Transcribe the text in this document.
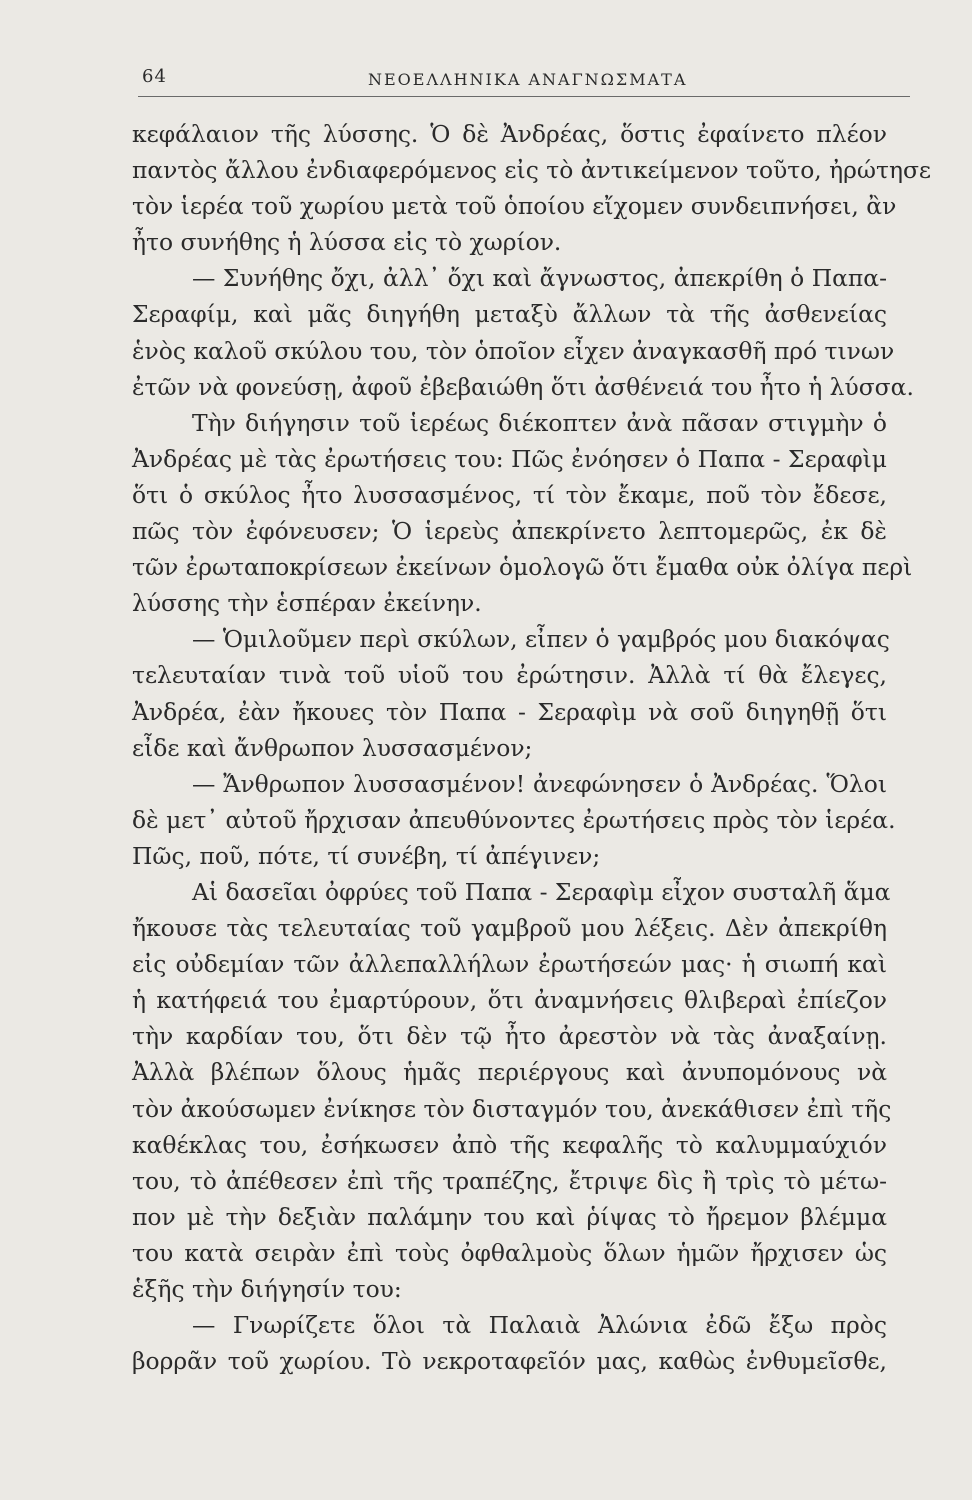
64	ΝΕΟΕΛΛΗΝΙΚΑ ΑΝΑΓΝΩΣΜΑΤΑ
κεφάλαιον τῆς λύσσης. Ὁ δὲ Ἀνδρέας, ὅστις ἐφαίνετο πλέον
παντὸς ἄλλου ἐνδιαφερόμενος εἰς τὸ ἀντικείμενον τοῦτο, ἠρώτησε
τὸν ἱερέα τοῦ χωρίου μετὰ τοῦ ὁποίου εἴχομεν συνδειπνήσει, ἂν
ἦτο συνήθης ἡ λύσσα εἰς τὸ χωρίον.
— Συνήθης ὄχι, ἀλλ᾽ ὄχι καὶ ἄγνωστος, ἀπεκρίθη ὁ Παπα-
Σεραφίμ, καὶ μᾶς διηγήθη μεταξὺ ἄλλων τὰ τῆς ἀσθενείας
ἑνὸς καλοῦ σκύλου του, τὸν ὁποῖον εἶχεν ἀναγκασθῆ πρό τινων
ἐτῶν νὰ φονεύσῃ, ἀφοῦ ἐβεβαιώθη ὅτι ἀσθένειά του ἦτο ἡ λύσσα.
Τὴν διήγησιν τοῦ ἱερέως διέκοπτεν ἀνὰ πᾶσαν στιγμὴν ὁ
Ἀνδρέας μὲ τὰς ἐρωτήσεις του: Πῶς ἐνόησεν ὁ Παπα - Σεραφὶμ
ὅτι ὁ σκύλος ἦτο λυσσασμένος, τί τὸν ἔκαμε, ποῦ τὸν ἔδεσε,
πῶς τὸν ἐφόνευσεν; Ὁ ἱερεὺς ἀπεκρίνετο λεπτομερῶς, ἐκ δὲ
τῶν ἐρωταποκρίσεων ἐκείνων ὁμολογῶ ὅτι ἔμαθα οὐκ ὀλίγα περὶ
λύσσης τὴν ἑσπέραν ἐκείνην.
— Ὁμιλοῦμεν περὶ σκύλων, εἶπεν ὁ γαμβρός μου διακόψας
τελευταίαν τινὰ τοῦ υἱοῦ του ἐρώτησιν. Ἀλλὰ τί θὰ ἔλεγες,
Ἀνδρέα, ἐὰν ἤκουες τὸν Παπα - Σεραφὶμ νὰ σοῦ διηγηθῇ ὅτι
εἶδε καὶ ἄνθρωπον λυσσασμένον;
— Ἄνθρωπον λυσσασμένον! ἀνεφώνησεν ὁ Ἀνδρέας. Ὅλοι
δὲ μετ᾽ αὐτοῦ ἤρχισαν ἀπευθύνοντες ἐρωτήσεις πρὸς τὸν ἱερέα.
Πῶς, ποῦ, πότε, τί συνέβη, τί ἀπέγινεν;
Αἱ δασεῖαι ὀφρύες τοῦ Παπα - Σεραφὶμ εἶχον συσταλῆ ἅμα
ἤκουσε τὰς τελευταίας τοῦ γαμβροῦ μου λέξεις. Δὲν ἀπεκρίθη
εἰς οὐδεμίαν τῶν ἀλλεπαλλήλων ἐρωτήσεών μας· ἡ σιωπή καὶ
ἡ κατήφειά του ἐμαρτύρουν, ὅτι ἀναμνήσεις θλιβεραὶ ἐπίεζον
τὴν καρδίαν του, ὅτι δὲν τῷ ἦτο ἀρεστὸν νὰ τὰς ἀναξαίνῃ.
Ἀλλὰ βλέπων ὅλους ἡμᾶς περιέργους καὶ ἀνυπομόνους νὰ
τὸν ἀκούσωμεν ἐνίκησε τὸν δισταγμόν του, ἀνεκάθισεν ἐπὶ τῆς
καθέκλας του, ἐσήκωσεν ἀπὸ τῆς κεφαλῆς τὸ καλυμμαύχιόν
του, τὸ ἀπέθεσεν ἐπὶ τῆς τραπέζης, ἔτριψε δὶς ἢ τρὶς τὸ μέτω-
πον μὲ τὴν δεξιὰν παλάμην του καὶ ῥίψας τὸ ἤρεμον βλέμμα
του κατὰ σειρὰν ἐπὶ τοὺς ὀφθαλμοὺς ὅλων ἡμῶν ἤρχισεν ὡς
ἑξῆς τὴν διήγησίν του:
— Γνωρίζετε ὅλοι τὰ Παλαιὰ Ἀλώνια ἐδῶ ἔξω πρὸς
βορρᾶν τοῦ χωρίου. Τὸ νεκροταφεῖόν μας, καθὼς ἐνθυμεῖσθε,
